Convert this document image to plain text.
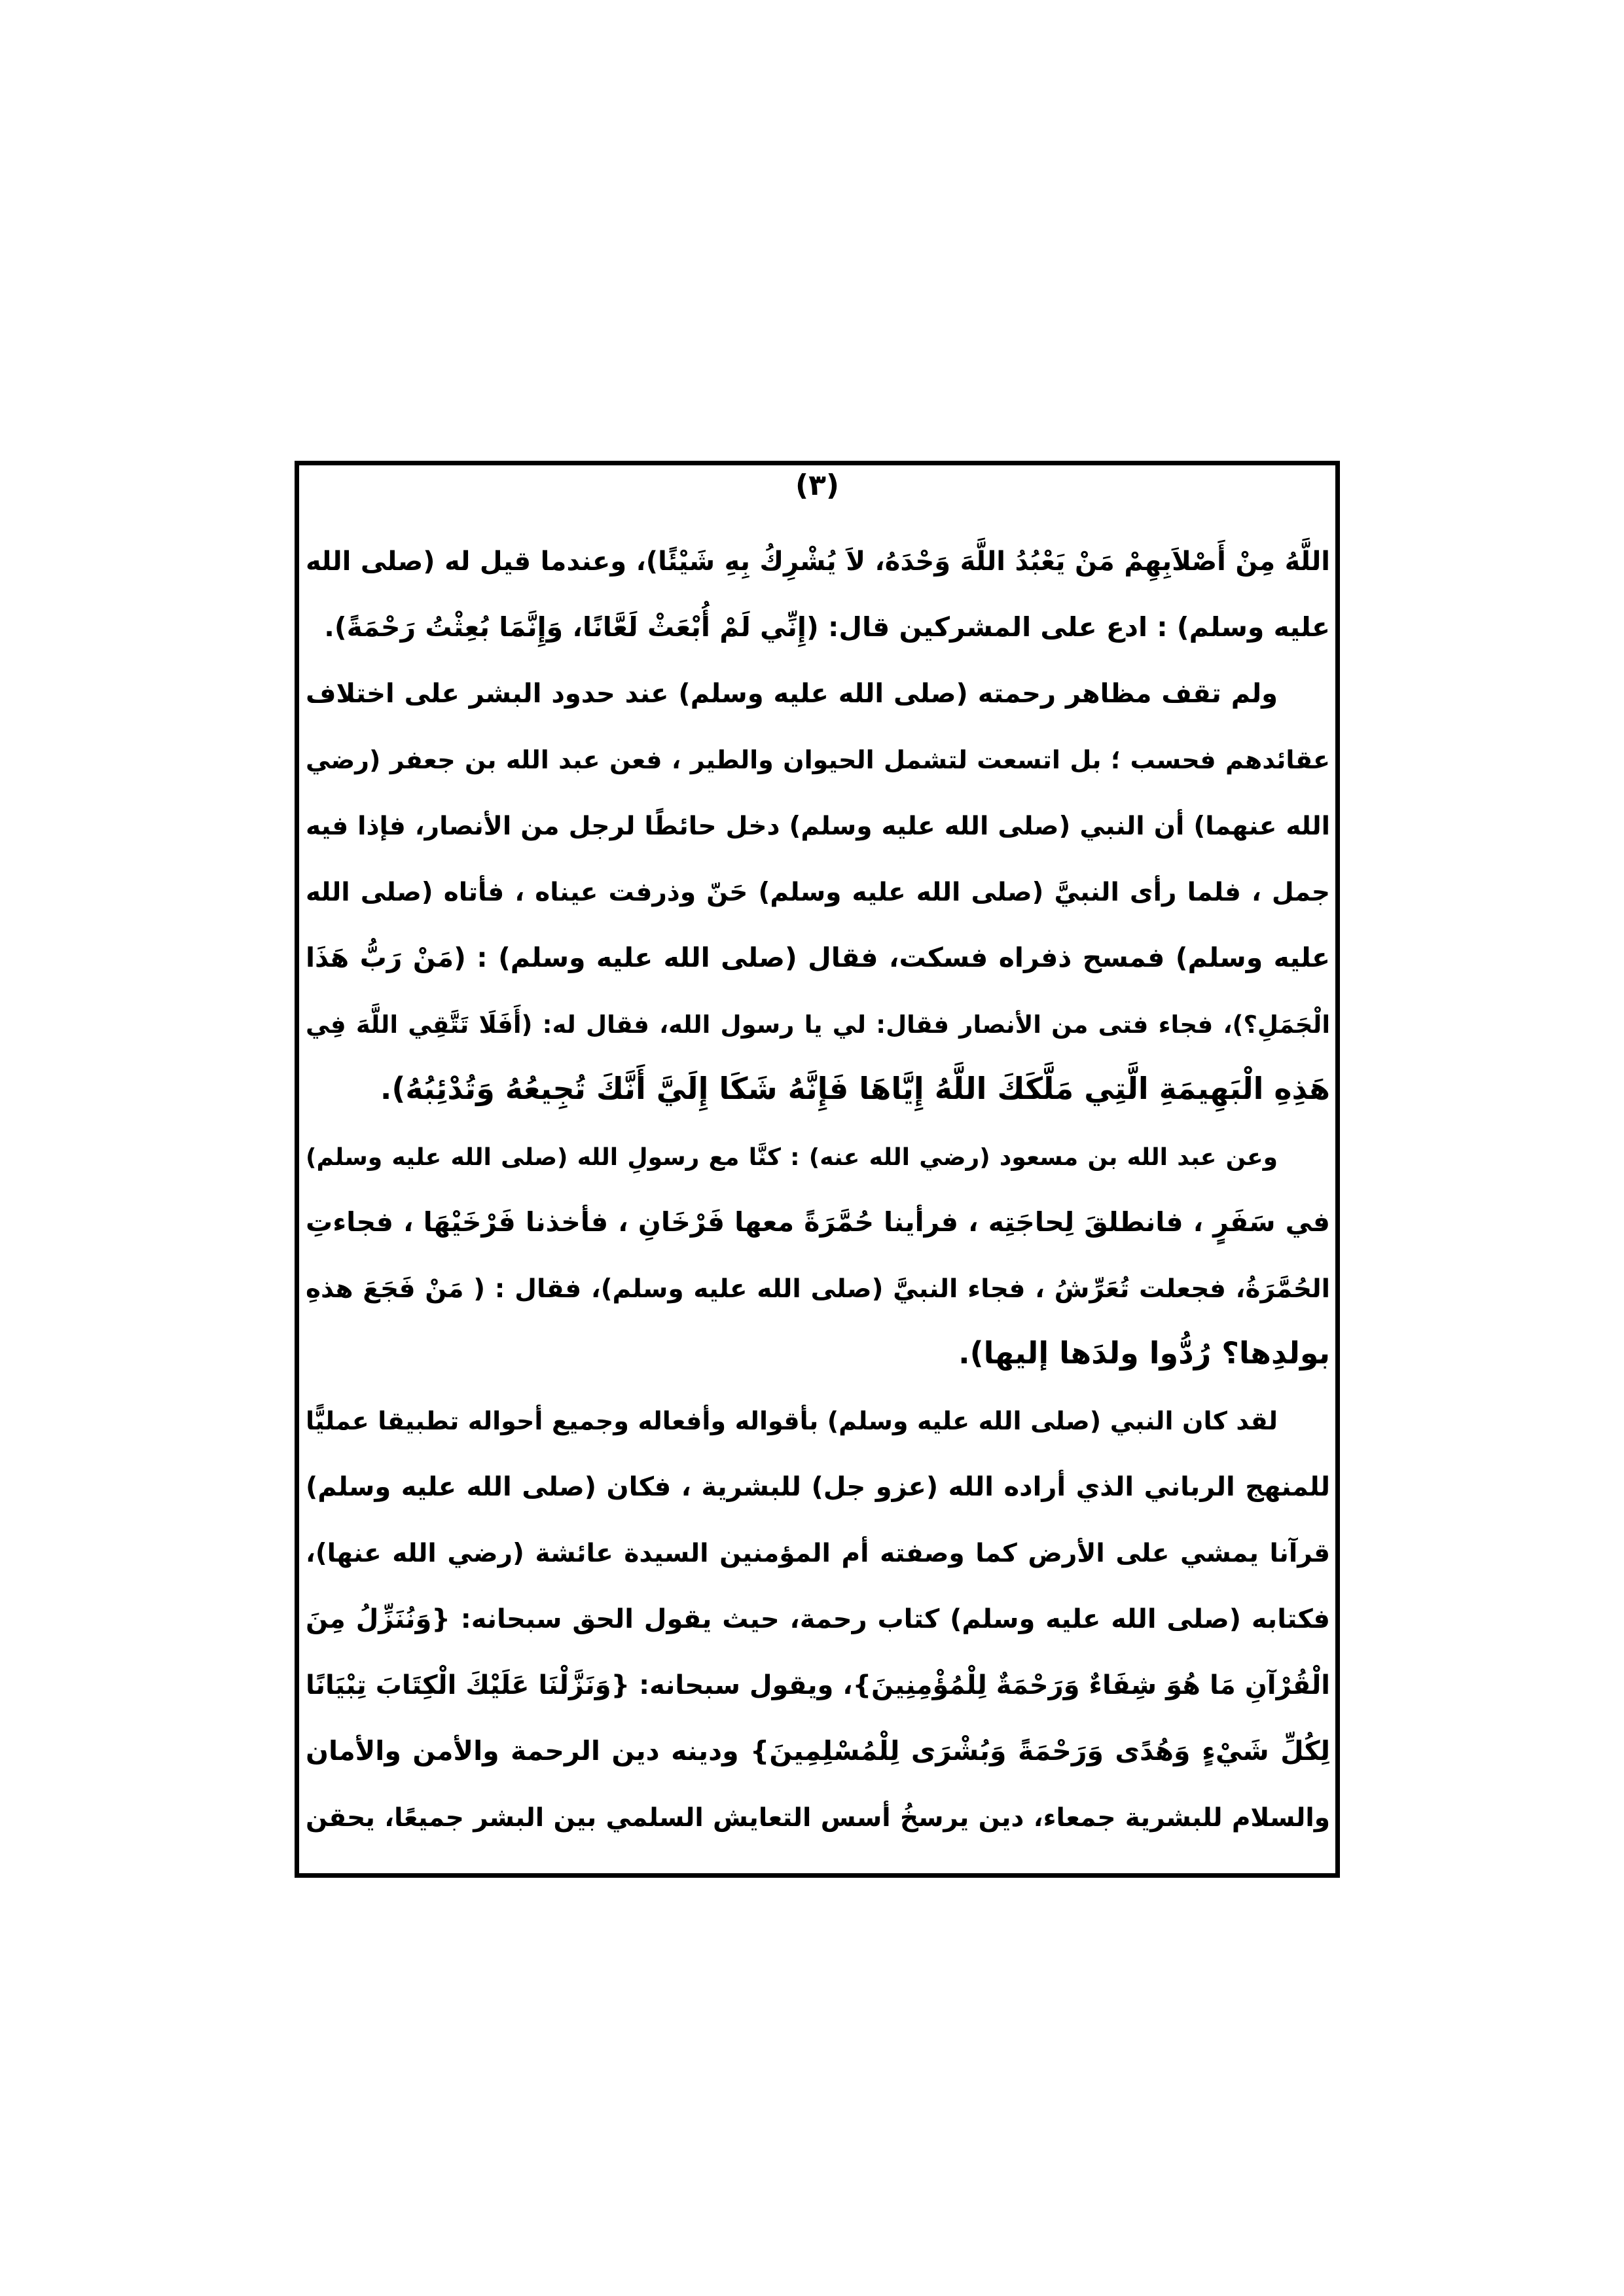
(٣)
اللَّهُ مِنْ أَصْلاَبِهِمْ مَنْ يَعْبُدُ اللَّهَ وَحْدَهُ، لاَ يُشْرِكُ بِهِ شَيْئًا)، وعندما قيل له (صلى الله
عليه وسلم) : ادع على المشركين قال: (إِنِّي لَمْ أُبْعَثْ لَعَّانًا، وَإِنَّمَا بُعِثْتُ رَحْمَةً).
ولم تقف مظاهر رحمته (صلى الله عليه وسلم) عند حدود البشر على اختلاف
عقائدهم فحسب ؛ بل اتسعت لتشمل الحيوان والطير ، فعن عبد الله بن جعفر (رضي
الله عنهما) أن النبي (صلى الله عليه وسلم) دخل حائطًا لرجل من الأنصار، فإذا فيه
جمل ، فلما رأى النبيَّ (صلى الله عليه وسلم) حَنّ وذرفت عيناه ، فأتاه (صلى الله
عليه وسلم) فمسح ذفراه فسكت، فقال (صلى الله عليه وسلم) : (مَنْ رَبُّ هَذَا
الْجَمَلِ؟)، فجاء فتى من الأنصار فقال: لي يا رسول الله، فقال له: (أَفَلَا تَتَّقِي اللَّهَ فِي
هَذِهِ الْبَهِيمَةِ الَّتِي مَلَّكَكَ اللَّهُ إِيَّاهَا فَإِنَّهُ شَكَا إِلَيَّ أَنَّكَ تُجِيعُهُ وَتُدْئِبُهُ).
وعن عبد الله بن مسعود (رضي الله عنه) : كنَّا مع رسولِ الله (صلى الله عليه وسلم)
في سَفَرٍ ، فانطلقَ لِحاجَتِه ، فرأينا حُمَّرَةً معها فَرْخَانِ ، فأخذنا فَرْخَيْهَا ، فجاءتِ
الحُمَّرَةُ، فجعلت تُعَرِّشُ ، فجاء النبيَّ (صلى الله عليه وسلم)، فقال : ( مَنْ فَجَعَ هذهِ
بولدِها؟ رُدُّوا ولدَها إليها).
لقد كان النبي (صلى الله عليه وسلم) بأقواله وأفعاله وجميع أحواله تطبيقا عمليًّا
للمنهج الرباني الذي أراده الله (عزو جل) للبشرية ، فكان (صلى الله عليه وسلم)
قرآنا يمشي على الأرض كما وصفته أم المؤمنين السيدة عائشة (رضي الله عنها)،
فكتابه (صلى الله عليه وسلم) كتاب رحمة، حيث يقول الحق سبحانه: {وَنُنَزِّلُ مِنَ
الْقُرْآنِ مَا هُوَ شِفَاءٌ وَرَحْمَةٌ لِلْمُؤْمِنِينَ}، ويقول سبحانه: {وَنَزَّلْنَا عَلَيْكَ الْكِتَابَ تِبْيَانًا
لِكُلِّ شَيْءٍ وَهُدًى وَرَحْمَةً وَبُشْرَى لِلْمُسْلِمِينَ} ودينه دين الرحمة والأمن والأمان
والسلام للبشرية جمعاء، دين يرسخُ أسس التعايش السلمي بين البشر جميعًا، يحقن
